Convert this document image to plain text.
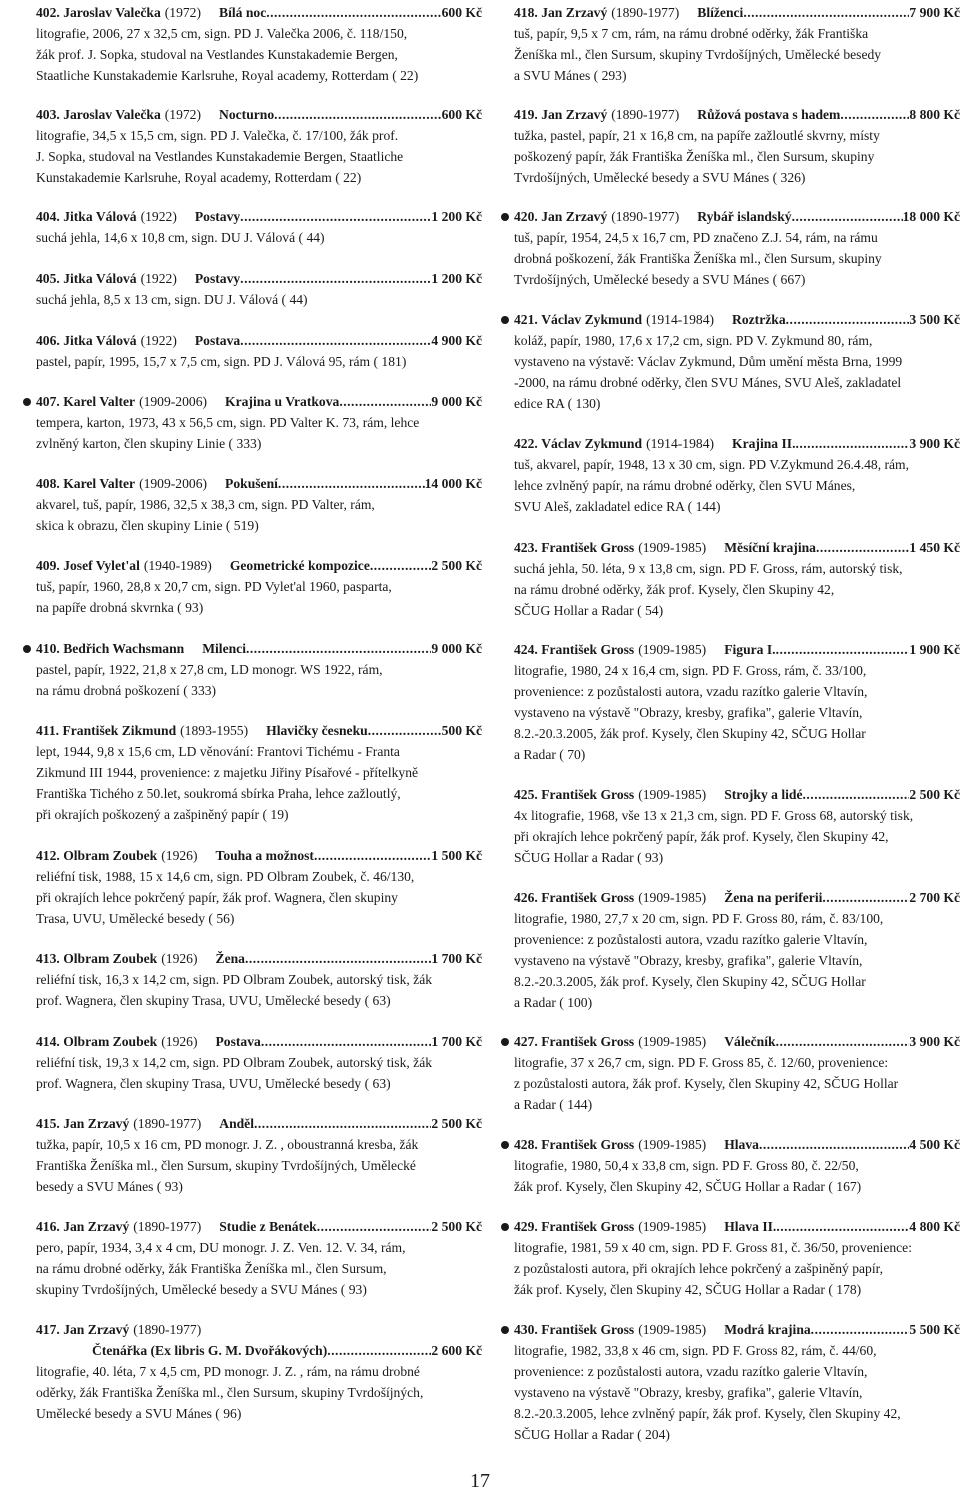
402.
Jaroslav Valečka (1972) Bílá noc .....	600 Kč
litografie, 2006, 27 x 32,5 cm, sign. PD J. Valečka 2006, č. 118/150,
žák prof. J. Sopka, studoval na Vestlandes Kunstakademie Bergen,
Staatliche Kunstakademie Karlsruhe, Royal academy, Rotterdam ( 22)
403.
Jaroslav Valečka (1972) Nocturno .....	600 Kč
litografie, 34,5 x 15,5 cm, sign. PD J. Valečka, č. 17/100, žák prof.
J. Sopka, studoval na Vestlandes Kunstakademie Bergen, Staatliche
Kunstakademie Karlsruhe, Royal academy, Rotterdam ( 22)
404.
Jitka Válová (1922) Postavy .....	1 200 Kč
suchá jehla, 14,6 x 10,8 cm, sign. DU J. Válová ( 44)
405.
Jitka Válová (1922) Postavy .....	1 200 Kč
suchá jehla, 8,5 x 13 cm, sign. DU J. Válová ( 44)
406.
Jitka Válová (1922) Postava .....	4 900 Kč
pastel, papír, 1995, 15,7 x 7,5 cm, sign. PD J. Válová 95, rám ( 181)
407.
Karel Valter (1909-2006) Krajina u Vratkova .....	9 000 Kč
tempera, karton, 1973, 43 x 56,5 cm, sign. PD Valter K. 73, rám, lehce
zvlněný karton, člen skupiny Linie ( 333)
408.
Karel Valter (1909-2006) Pokušení .....	14 000 Kč
akvarel, tuš, papír, 1986, 32,5 x 38,3 cm, sign. PD Valter, rám,
skica k obrazu, člen skupiny Linie ( 519)
409.
Josef Vylet'al (1940-1989) Geometrické kompozice .....	2 500 Kč
tuš, papír, 1960, 28,8 x 20,7 cm, sign. PD Vylet'al 1960, pasparta,
na papíře drobná skvrnka ( 93)
410.
Bedřich Wachsmann Milenci .....	9 000 Kč
pastel, papír, 1922, 21,8 x 27,8 cm, LD monogr. WS 1922, rám,
na rámu drobná poškození ( 333)
411.
František Zikmund (1893-1955) Hlavičky česneku .....	500 Kč
lept, 1944, 9,8 x 15,6 cm, LD věnování: Frantovi Tichému - Franta
Zikmund III 1944, provenience: z majetku Jiřiny Písařové - přítelkyně
Františka Tichého z 50.let, soukromá sbírka Praha, lehce zažloutlý,
při okrajích poškozený a zašpiněný papír ( 19)
412.
Olbram Zoubek (1926) Touha a možnost .....	1 500 Kč
reliéfní tisk, 1988, 15 x 14,6 cm, sign. PD Olbram Zoubek, č. 46/130,
při okrajích lehce pokrčený papír, žák prof. Wagnera, člen skupiny
Trasa, UVU, Umělecké besedy ( 56)
413.
Olbram Zoubek (1926) Žena .....	1 700 Kč
reliéfní tisk, 16,3 x 14,2 cm, sign. PD Olbram Zoubek, autorský tisk, žák
prof. Wagnera, člen skupiny Trasa, UVU, Umělecké besedy ( 63)
414.
Olbram Zoubek (1926) Postava .....	1 700 Kč
reliéfní tisk, 19,3 x 14,2 cm, sign. PD Olbram Zoubek, autorský tisk, žák
prof. Wagnera, člen skupiny Trasa, UVU, Umělecké besedy ( 63)
415.
Jan Zrzavý (1890-1977) Anděl .....	2 500 Kč
tužka, papír, 10,5 x 16 cm, PD monogr. J. Z. , oboustranná kresba, žák
Františka Ženíška ml., člen Sursum, skupiny Tvrdošíjných, Umělecké
besedy a SVU Mánes ( 93)
416.
Jan Zrzavý (1890-1977) Studie z Benátek .....	2 500 Kč
pero, papír, 1934, 3,4 x 4 cm, DU monogr. J. Z. Ven. 12. V. 34, rám,
na rámu drobné oděrky, žák Františka Ženíška ml., člen Sursum,
skupiny Tvrdošíjných, Umělecké besedy a SVU Mánes ( 93)
417.
Jan Zrzavý (1890-1977)
Čtenářka (Ex libris G. M. Dvořákových) .....	2 600 Kč
litografie, 40. léta, 7 x 4,5 cm, PD monogr. J. Z. , rám, na rámu drobné
oděrky, žák Františka Ženíška ml., člen Sursum, skupiny Tvrdošíjných,
Umělecké besedy a SVU Mánes ( 96)
418.
Jan Zrzavý (1890-1977) Blíženci .....	7 900 Kč
tuš, papír, 9,5 x 7 cm, rám, na rámu drobné oděrky, žák Františka
Ženíška ml., člen Sursum, skupiny Tvrdošíjných, Umělecké besedy
a SVU Mánes ( 293)
419.
Jan Zrzavý (1890-1977) Růžová postava s hadem .....	8 800 Kč
tužka, pastel, papír, 21 x 16,8 cm, na papíře zažloutlé skvrny, místy
poškozený papír, žák Františka Ženíška ml., člen Sursum, skupiny
Tvrdošíjných, Umělecké besedy a SVU Mánes ( 326)
420.
Jan Zrzavý (1890-1977) Rybář islandský .....	18 000 Kč
tuš, papír, 1954, 24,5 x 16,7 cm, PD značeno Z.J. 54, rám, na rámu
drobná poškození, žák Františka Ženíška ml., člen Sursum, skupiny
Tvrdošíjných, Umělecké besedy a SVU Mánes ( 667)
421.
Václav Zykmund (1914-1984) Roztržka .....	3 500 Kč
koláž, papír, 1980, 17,6 x 17,2 cm, sign. PD V. Zykmund 80, rám,
vystaveno na výstavě: Václav Zykmund, Dům umění města Brna, 1999
-2000, na rámu drobné oděrky, člen SVU Mánes, SVU Aleš, zakladatel
edice RA ( 130)
422.
Václav Zykmund (1914-1984) Krajina II. .....	3 900 Kč
tuš, akvarel, papír, 1948, 13 x 30 cm, sign. PD V.Zykmund 26.4.48, rám,
lehce zvlněný papír, na rámu drobné oděrky, člen SVU Mánes,
SVU Aleš, zakladatel edice RA ( 144)
423.
František Gross (1909-1985) Měsíční krajina .....	1 450 Kč
suchá jehla, 50. léta, 9 x 13,8 cm, sign. PD F. Gross, rám, autorský tisk,
na rámu drobné oděrky, žák prof. Kysely, člen Skupiny 42,
SČUG Hollar a Radar ( 54)
424.
František Gross (1909-1985) Figura I. .....	1 900 Kč
litografie, 1980, 24 x 16,4 cm, sign. PD F. Gross, rám, č. 33/100,
provenience: z pozůstalosti autora, vzadu razítko galerie Vltavín,
vystaveno na výstavě "Obrazy, kresby, grafika", galerie Vltavín,
8.2.-20.3.2005, žák prof. Kysely, člen Skupiny 42, SČUG Hollar
a Radar ( 70)
425.
František Gross (1909-1985) Strojky a lidé .....	2 500 Kč
4x litografie, 1968, vše 13 x 21,3 cm, sign. PD F. Gross 68, autorský tisk,
při okrajích lehce pokrčený papír, žák prof. Kysely, člen Skupiny 42,
SČUG Hollar a Radar ( 93)
426.
František Gross (1909-1985) Žena na periferii .....	2 700 Kč
litografie, 1980, 27,7 x 20 cm, sign. PD F. Gross 80, rám, č. 83/100,
provenience: z pozůstalosti autora, vzadu razítko galerie Vltavín,
vystaveno na výstavě "Obrazy, kresby, grafika", galerie Vltavín,
8.2.-20.3.2005, žák prof. Kysely, člen Skupiny 42, SČUG Hollar
a Radar ( 100)
427.
František Gross (1909-1985) Válečník .....	3 900 Kč
litografie, 37 x 26,7 cm, sign. PD F. Gross 85, č. 12/60, provenience:
z pozůstalosti autora, žák prof. Kysely, člen Skupiny 42, SČUG Hollar
a Radar ( 144)
428.
František Gross (1909-1985) Hlava .....	4 500 Kč
litografie, 1980, 50,4 x 33,8 cm, sign. PD F. Gross 80, č. 22/50,
žák prof. Kysely, člen Skupiny 42, SČUG Hollar a Radar ( 167)
429.
František Gross (1909-1985) Hlava II. .....	4 800 Kč
litografie, 1981, 59 x 40 cm, sign. PD F. Gross 81, č. 36/50, provenience:
z pozůstalosti autora, při okrajích lehce pokrčený a zašpiněný papír,
žák prof. Kysely, člen Skupiny 42, SČUG Hollar a Radar ( 178)
430.
František Gross (1909-1985) Modrá krajina .....	5 500 Kč
litografie, 1982, 33,8 x 46 cm, sign. PD F. Gross 82, rám, č. 44/60,
provenience: z pozůstalosti autora, vzadu razítko galerie Vltavín,
vystaveno na výstavě "Obrazy, kresby, grafika", galerie Vltavín,
8.2.-20.3.2005, lehce zvlněný papír, žák prof. Kysely, člen Skupiny 42,
SČUG Hollar a Radar ( 204)
17
